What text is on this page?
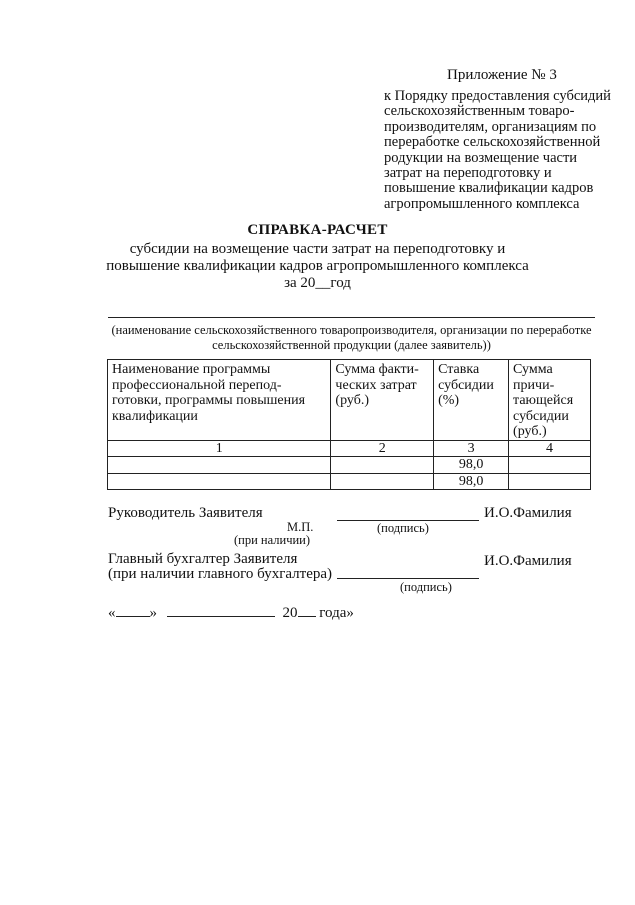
Приложение № 3
к Порядку предоставления субсидий
сельскохозяйственным товаро-
производителям, организациям по
переработке сельскохозяйственной
родукции на возмещение части
затрат на переподготовку и
повышение квалификации кадров
агропромышленного комплекса
СПРАВКА-РАСЧЕТ
субсидии на возмещение части затрат на переподготовку и
повышение квалификации кадров агропромышленного комплекса
за 20__год
(наименование сельскохозяйственного товаропроизводителя, организации по переработке
сельскохозяйственной продукции (далее заявитель))
Наименование программы профессиональной перепод-готовки, программы повышения квалификации	Сумма факти-ческих затрат (руб.)	Ставка субсидии (%)	Сумма причи-тающейся субсидии (руб.)
1	2	3	4
		98,0	
		98,0	
Руководитель Заявителя	И.О.Фамилия
М.П.	(подпись)
(при наличии)
Главный бухгалтер Заявителя
(при наличии главного бухгалтера)
И.О.Фамилия
(подпись)
« »	20 года»
